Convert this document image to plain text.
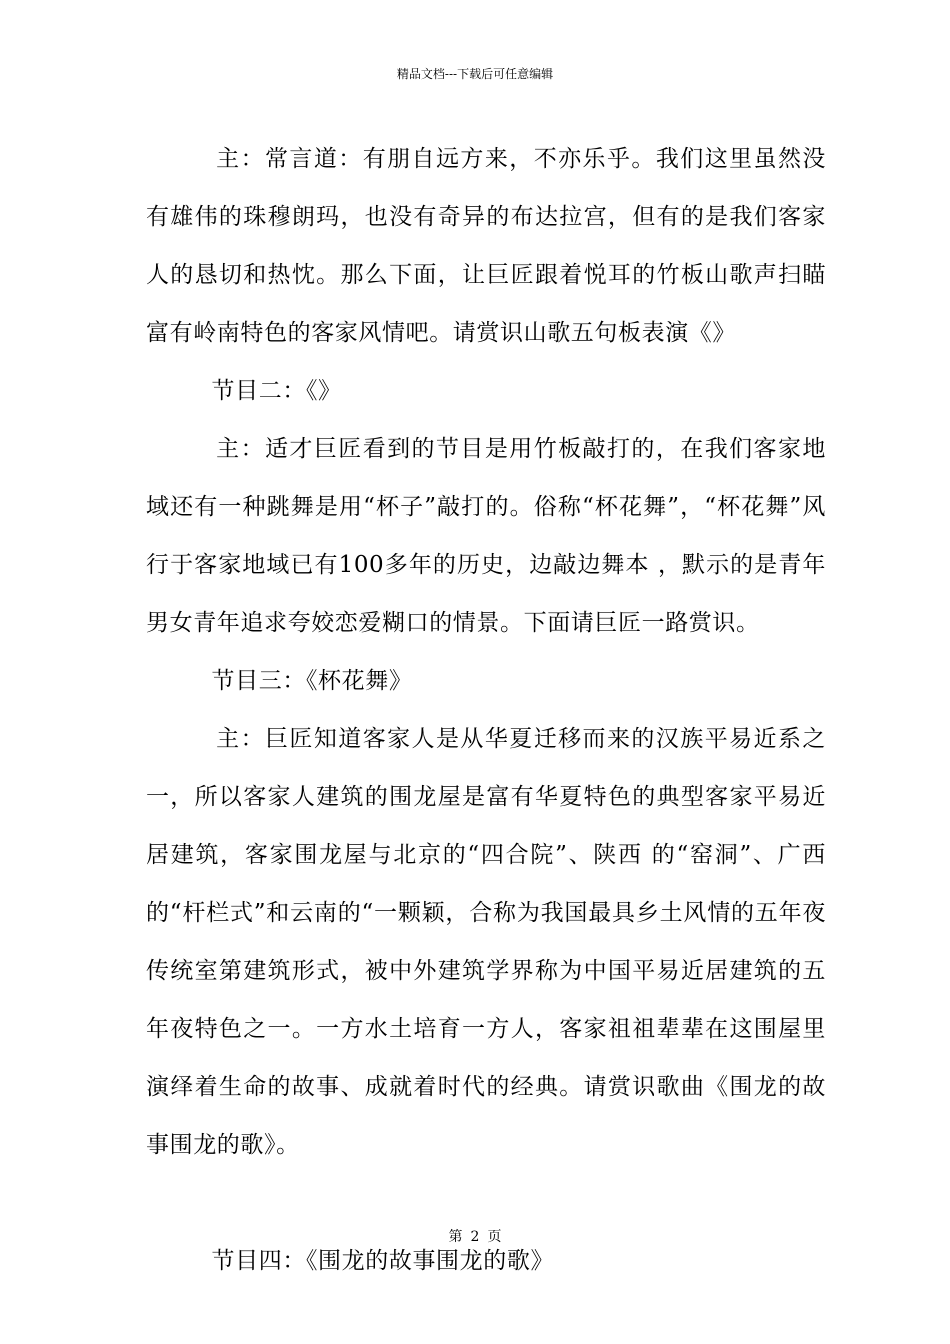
精品文档---下载后可任意编辑

主：常言道：有朋自远方来，不亦乐乎。我们这里虽然没有雄伟的珠穆朗玛，也没有奇异的布达拉宫，但有的是我们客家人的恳切和热忱。那么下面，让巨匠跟着悦耳的竹板山歌声扫瞄富有岭南特色的客家风情吧。请赏识山歌五句板表演《》

节目二：《》

主：适才巨匠看到的节目是用竹板敲打的，在我们客家地域还有一种跳舞是用“杯子”敲打的。俗称“杯花舞”，“杯花舞”风行于客家地域已有100多年的历史，边敲边舞本 ，默示的是青年男女青年追求夸姣恋爱糊口的情景。下面请巨匠一路赏识。

节目三：《杯花舞》

主：巨匠知道客家人是从华夏迁移而来的汉族平易近系之一，所以客家人建筑的围龙屋是富有华夏特色的典型客家平易近居建筑，客家围龙屋与北京的“四合院”、陕西 的“窑洞”、广西的“杆栏式”和云南的“一颗颖，合称为我国最具乡土风情的五年夜传统室第建筑形式，被中外建筑学界称为中国平易近居建筑的五年夜特色之一。一方水土培育一方人，客家祖祖辈辈在这围屋里演绎着生命的故事、成就着时代的经典。请赏识歌曲《围龙的故事围龙的歌》。

节目四：《围龙的故事围龙的歌》

第 2 页
